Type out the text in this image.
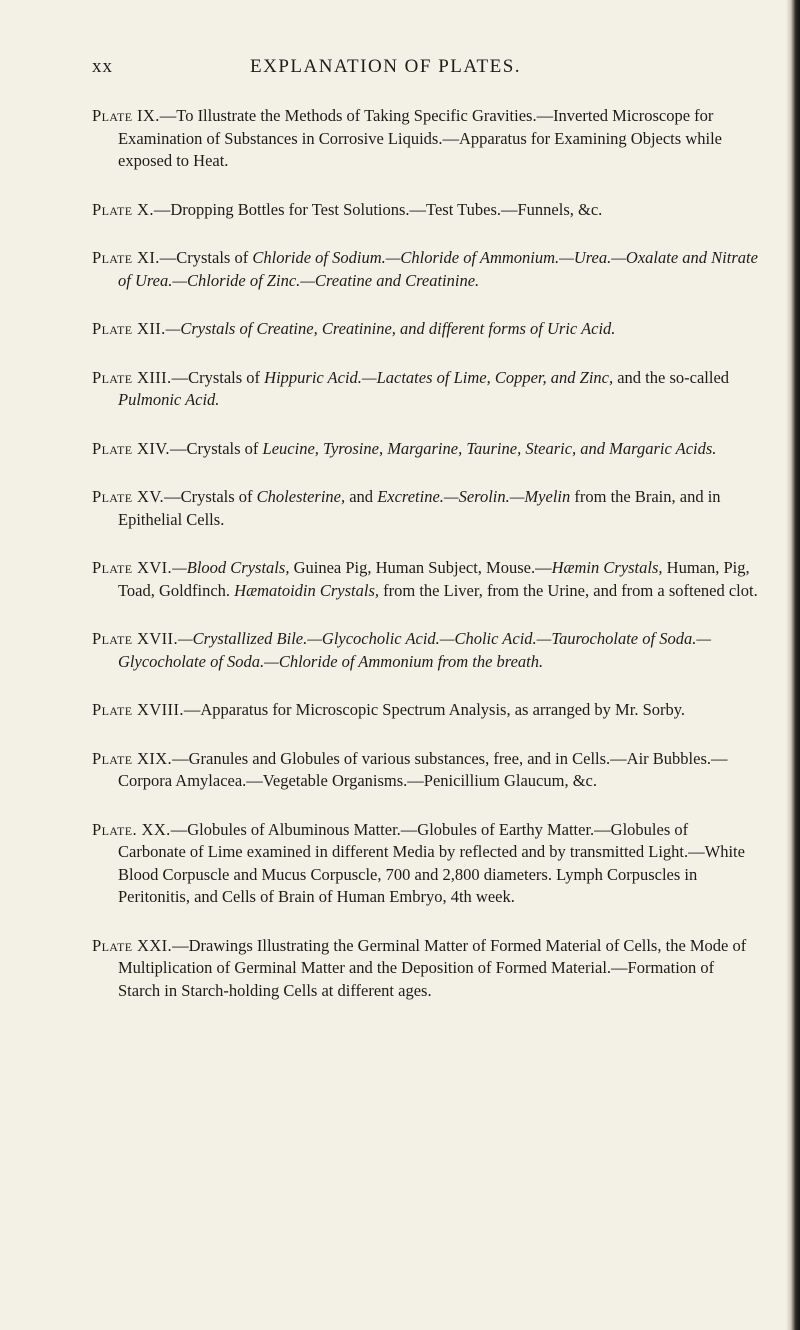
xx	EXPLANATION OF PLATES.

Plate IX.—To Illustrate the Methods of Taking Specific Gravities.—Inverted Microscope for Examination of Substances in Corrosive Liquids.—Apparatus for Examining Objects while exposed to Heat.

Plate X.—Dropping Bottles for Test Solutions.—Test Tubes.—Funnels, &c.

Plate XI.—Crystals of Chloride of Sodium.—Chloride of Ammonium.—Urea.—Oxalate and Nitrate of Urea.—Chloride of Zinc.—Creatine and Creatinine.

Plate XII.—Crystals of Creatine, Creatinine, and different forms of Uric Acid.

Plate XIII.—Crystals of Hippuric Acid.—Lactates of Lime, Copper, and Zinc, and the so-called Pulmonic Acid.

Plate XIV.—Crystals of Leucine, Tyrosine, Margarine, Taurine, Stearic, and Margaric Acids.

Plate XV.—Crystals of Cholesterine, and Excretine.—Serolin.—Myelin from the Brain, and in Epithelial Cells.

Plate XVI.—Blood Crystals, Guinea Pig, Human Subject, Mouse.—Hæmin Crystals, Human, Pig, Toad, Goldfinch. Hæmatoidin Crystals, from the Liver, from the Urine, and from a softened clot.

Plate XVII.—Crystallized Bile.—Glycocholic Acid.—Cholic Acid.—Taurocholate of Soda.—Glycocholate of Soda.—Chloride of Ammonium from the breath.

Plate XVIII.—Apparatus for Microscopic Spectrum Analysis, as arranged by Mr. Sorby.

Plate XIX.—Granules and Globules of various substances, free, and in Cells.—Air Bubbles.—Corpora Amylacea.—Vegetable Organisms.—Penicillium Glaucum, &c.

Plate. XX.—Globules of Albuminous Matter.—Globules of Earthy Matter.—Globules of Carbonate of Lime examined in different Media by reflected and by transmitted Light.—White Blood Corpuscle and Mucus Corpuscle, 700 and 2,800 diameters. Lymph Corpuscles in Peritonitis, and Cells of Brain of Human Embryo, 4th week.

Plate XXI.—Drawings Illustrating the Germinal Matter of Formed Material of Cells, the Mode of Multiplication of Germinal Matter and the Deposition of Formed Material.—Formation of Starch in Starch-holding Cells at different ages.
